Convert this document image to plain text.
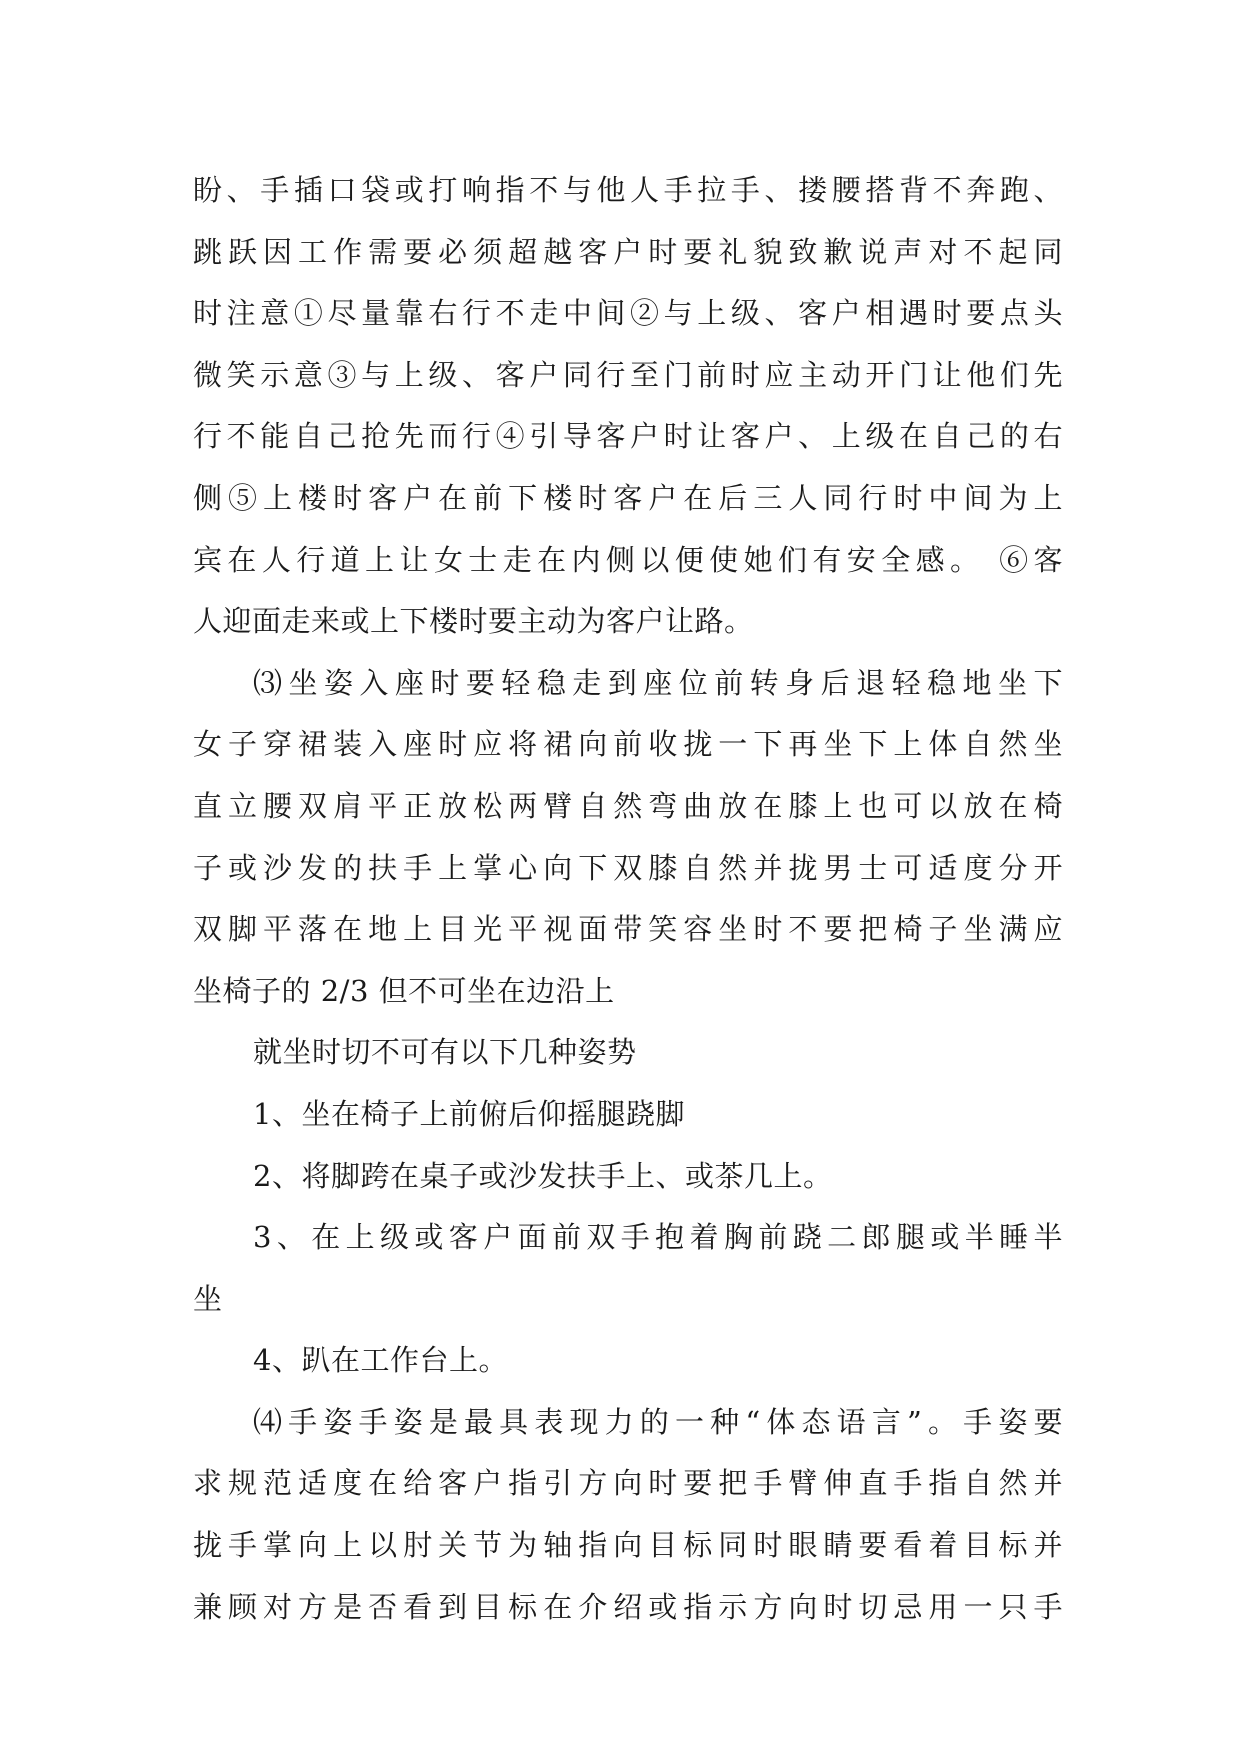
盼、手插口袋或打响指不与他人手拉手、搂腰搭背不奔跑、
跳跃因工作需要必须超越客户时要礼貌致歉说声对不起同
时注意①尽量靠右行不走中间②与上级、客户相遇时要点头
微笑示意③与上级、客户同行至门前时应主动开门让他们先
行不能自己抢先而行④引导客户时让客户、上级在自己的右
侧⑤上楼时客户在前下楼时客户在后三人同行时中间为上
宾在人行道上让女士走在内侧以便使她们有安全感。 ⑥客
人迎面走来或上下楼时要主动为客户让路。
⑶坐姿入座时要轻稳走到座位前转身后退轻稳地坐下
女子穿裙装入座时应将裙向前收拢一下再坐下上体自然坐
直立腰双肩平正放松两臂自然弯曲放在膝上也可以放在椅
子或沙发的扶手上掌心向下双膝自然并拢男士可适度分开
双脚平落在地上目光平视面带笑容坐时不要把椅子坐满应
坐椅子的 2/3 但不可坐在边沿上
就坐时切不可有以下几种姿势
1、坐在椅子上前俯后仰摇腿跷脚
2、将脚跨在桌子或沙发扶手上、或茶几上。
3、在上级或客户面前双手抱着胸前跷二郎腿或半睡半
坐
4、趴在工作台上。
⑷手姿手姿是最具表现力的一种“体态语言”。手姿要
求规范适度在给客户指引方向时要把手臂伸直手指自然并
拢手掌向上以肘关节为轴指向目标同时眼睛要看着目标并
兼顾对方是否看到目标在介绍或指示方向时切忌用一只手
